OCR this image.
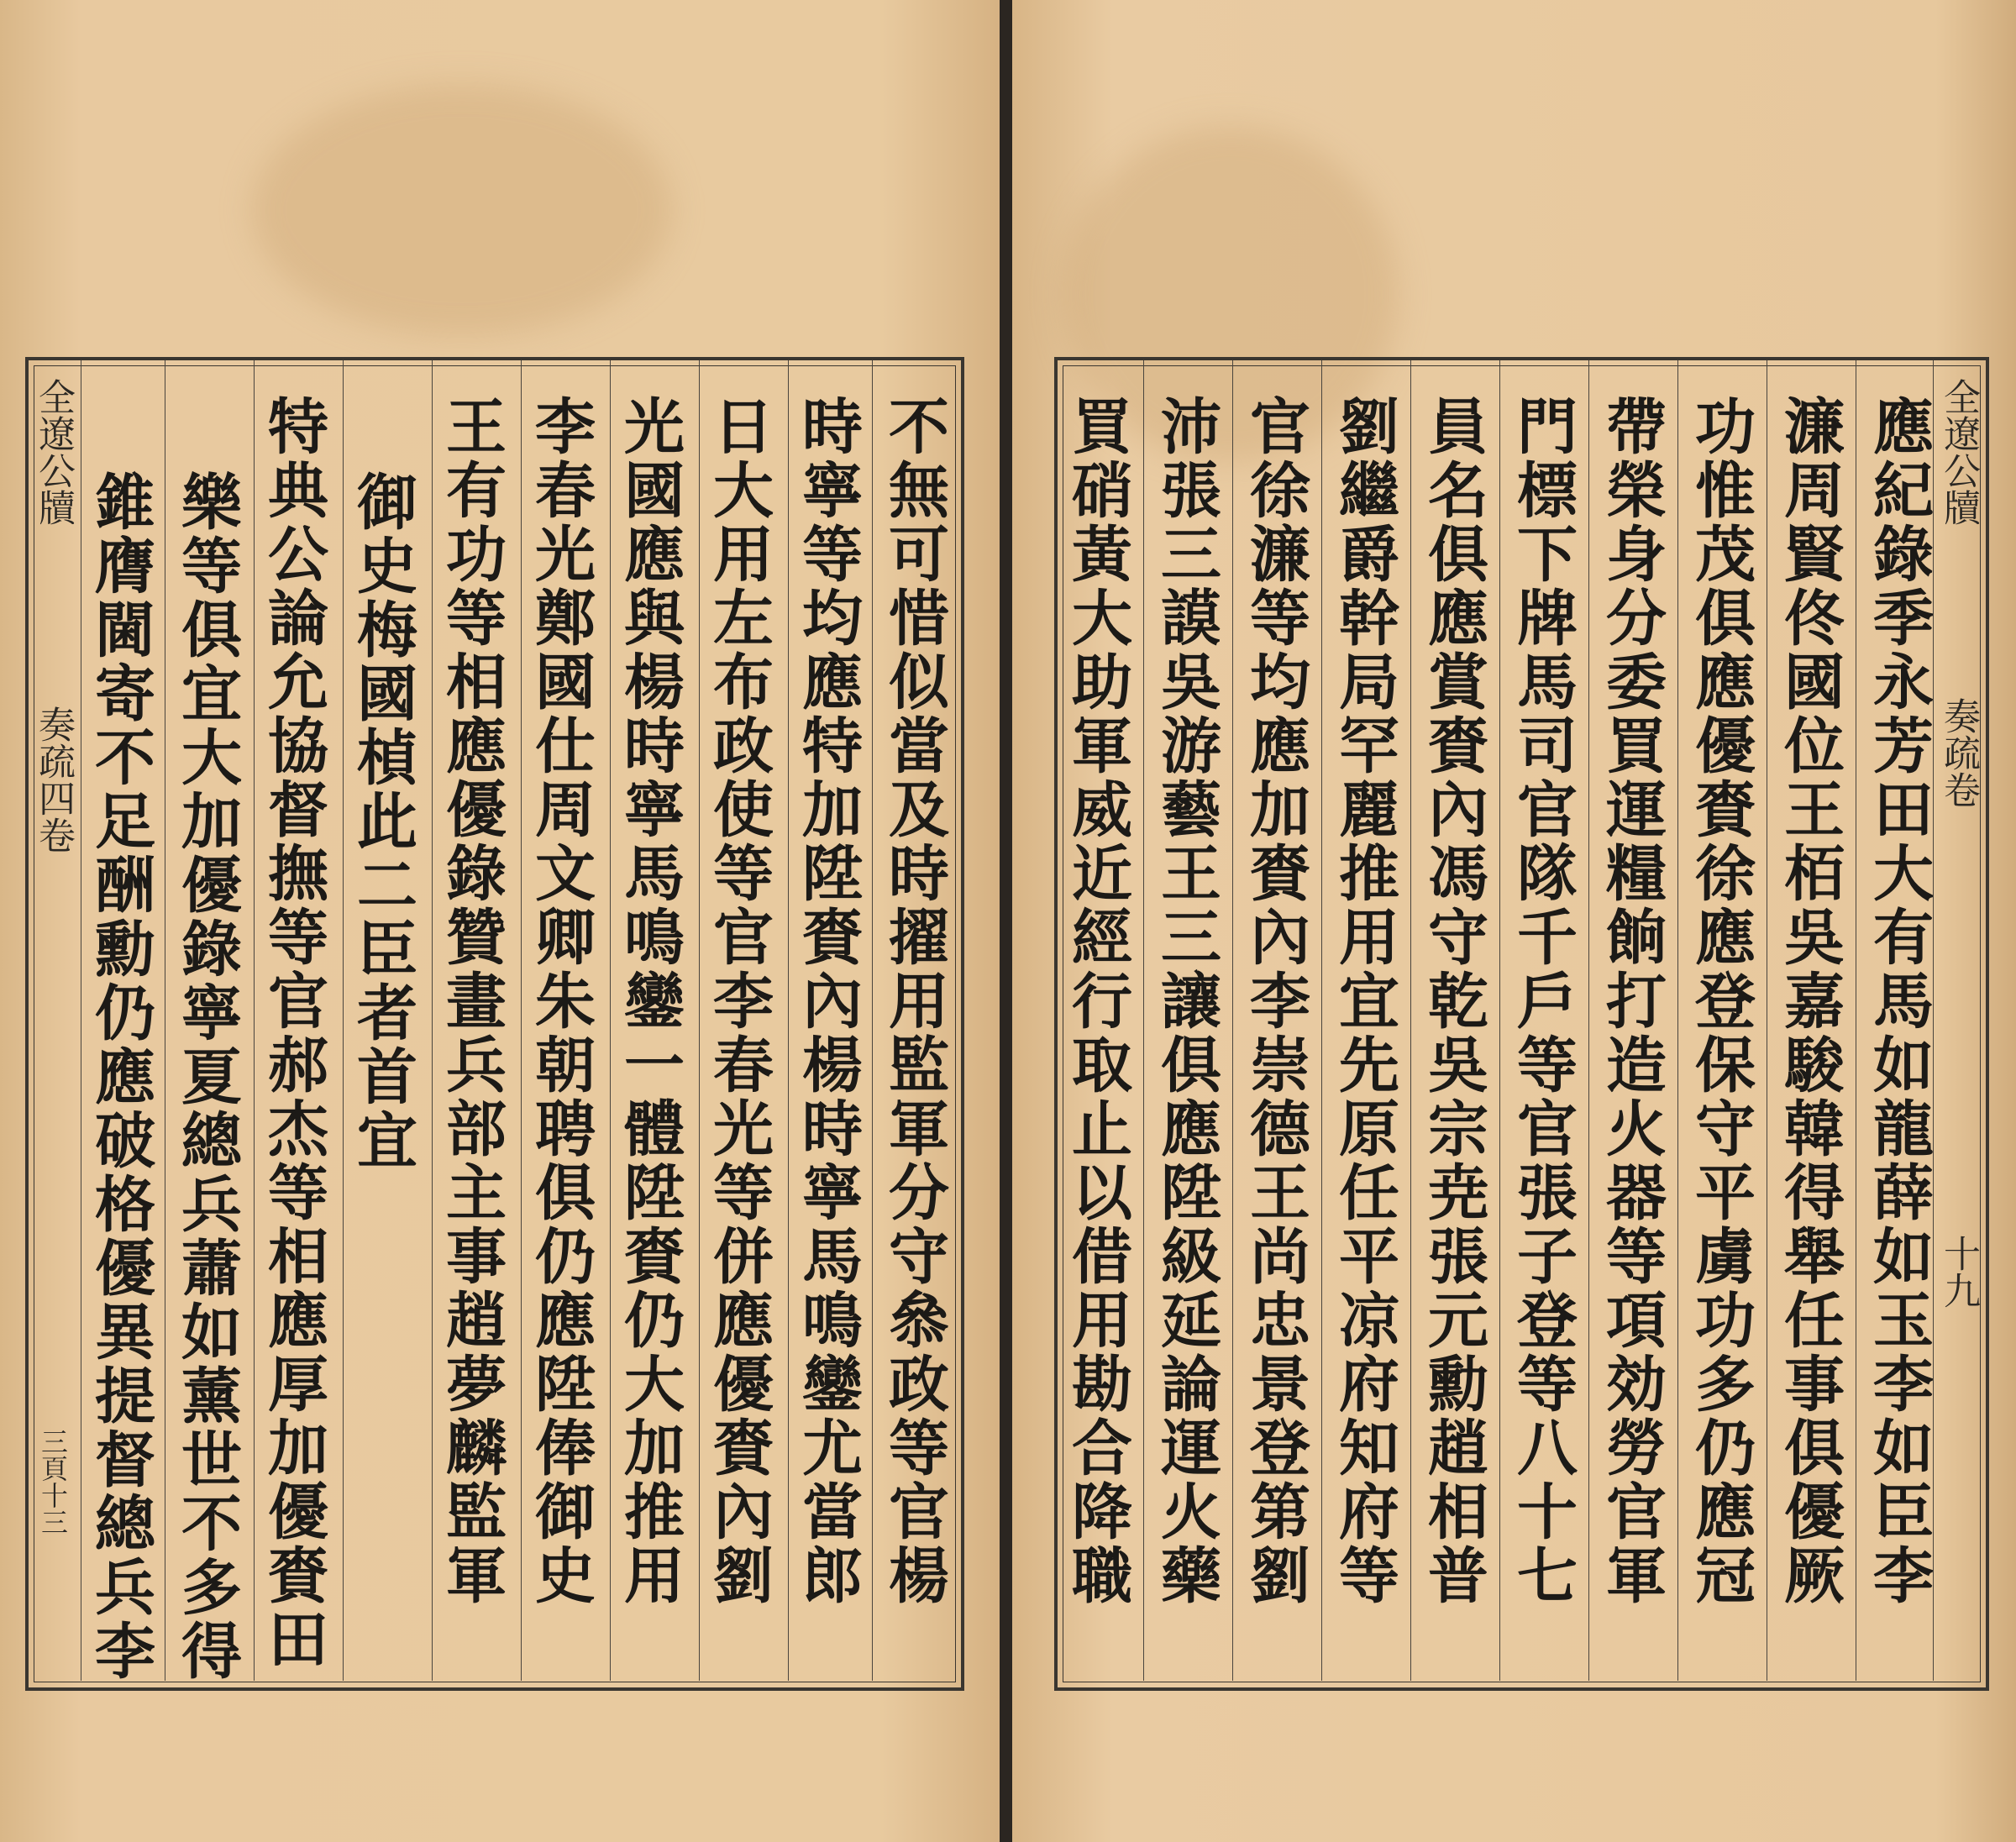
全遼公牘
奏疏四卷
三頁十三	不無可惜似當及時擢用監軍分守叅政等官楊
時寧等均應特加陞賚內楊時寧馬鳴鑾尤當郎
日大用左布政使等官李春光等併應優賚內劉
光國應與楊時寧馬鳴鑾一體陞賚仍大加推用
李春光鄭國仕周文卿朱朝聘俱仍應陞俸御史
王有功等相應優錄贊畫兵部主事趙夢麟監軍
御史梅國楨此二臣者首宜
特典公論允協督撫等官郝杰等相應厚加優賚田
樂等俱宜大加優錄寧夏總兵蕭如薰世不多得
錐膺閫寄不足酬勳仍應破格優異提督總兵李
全遼公牘
奏疏卷
十九
應紀錄季永芳田大有馬如龍薛如玉李如臣李
濂周賢佟國位王栢吳嘉駿韓得舉任事俱優厥
功惟茂俱應優賚徐應登保守平虜功多仍應冠
帶榮身分委買運糧餉打造火器等項効勞官軍
門標下牌馬司官隊千戶等官張子登等八十七
員名俱應賞賚內馮守乾吳宗尭張元勳趙相普
劉繼爵幹局罕麗推用宜先原任平凉府知府等
官徐濂等均應加賚內李崇德王尚忠景登第劉
沛張三謨吳游藝王三讓俱應陞級延論運火藥
買硝黃大助軍威近經行取止以借用勘合降職
